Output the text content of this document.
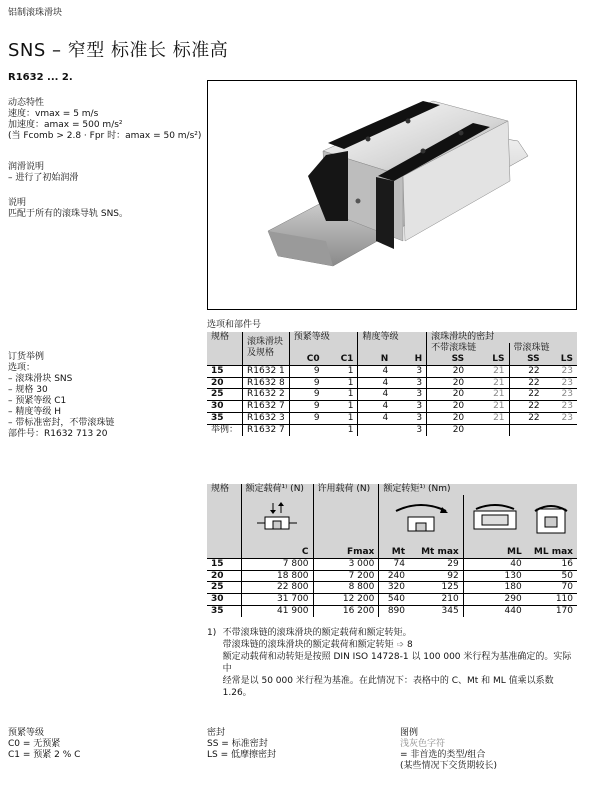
铝制滚珠滑块
SNS – 窄型 标准长 标准高
R1632 ... 2.
动态特性
速度：vmax = 5 m/s
加速度：amax = 500 m/s²
(当 Fcomb > 2.8 · Fpr 时：amax = 50 m/s²)
润滑说明
– 进行了初始润滑
说明
匹配于所有的滚珠导轨 SNS。
订货举例
选项：
– 滚珠滑块 SNS
– 规格 30
– 预紧等级 C1
– 精度等级 H
– 带标准密封，不带滚珠链
部件号：R1632 713 20
选项和部件号
规格	滚珠滑块及规格	预紧等级		精度等级		滚珠滑块的密封			
						不带滚珠链		带滚珠链	
		C0	C1	N	H	SS	LS	SS	LS
15	R1632 1	9	1	4	3	20	21	22	23
20	R1632 8	9	1	4	3	20	21	22	23
25	R1632 2	9	1	4	3	20	21	22	23
30	R1632 7	9	1	4	3	20	21	22	23
35	R1632 3	9	1	4	3	20	21	22	23
举例：	R1632 7		1		3	20			
规格	额定载荷¹⁾ (N)	许用载荷 (N)	额定转矩¹⁾ (Nm)			

	C	Fmax	Mt	Mt max	ML	ML max
15	7 800	3 000	74	29	40	16
20	18 800	7 200	240	92	130	50
25	22 800	8 800	320	125	180	70
30	31 700	12 200	540	210	290	110
35	41 900	16 200	890	345	440	170
1) 不带滚珠链的滚珠滑块的额定载荷和额定转矩。
带滚珠链的滚珠滑块的额定载荷和额定转矩 ➩ 8
额定动载荷和动转矩是按照 DIN ISO 14728-1 以 100 000 米行程为基准确定的。实际中
经常是以 50 000 米行程为基准。在此情况下：表格中的 C、Mt 和 ML 值乘以系数 1.26。
预紧等级
C0 = 无预紧
C1 = 预紧 2 % C
密封
SS = 标准密封
LS = 低摩擦密封
图例
浅灰色字符
= 非首选的类型/组合
(某些情况下交货期较长)
